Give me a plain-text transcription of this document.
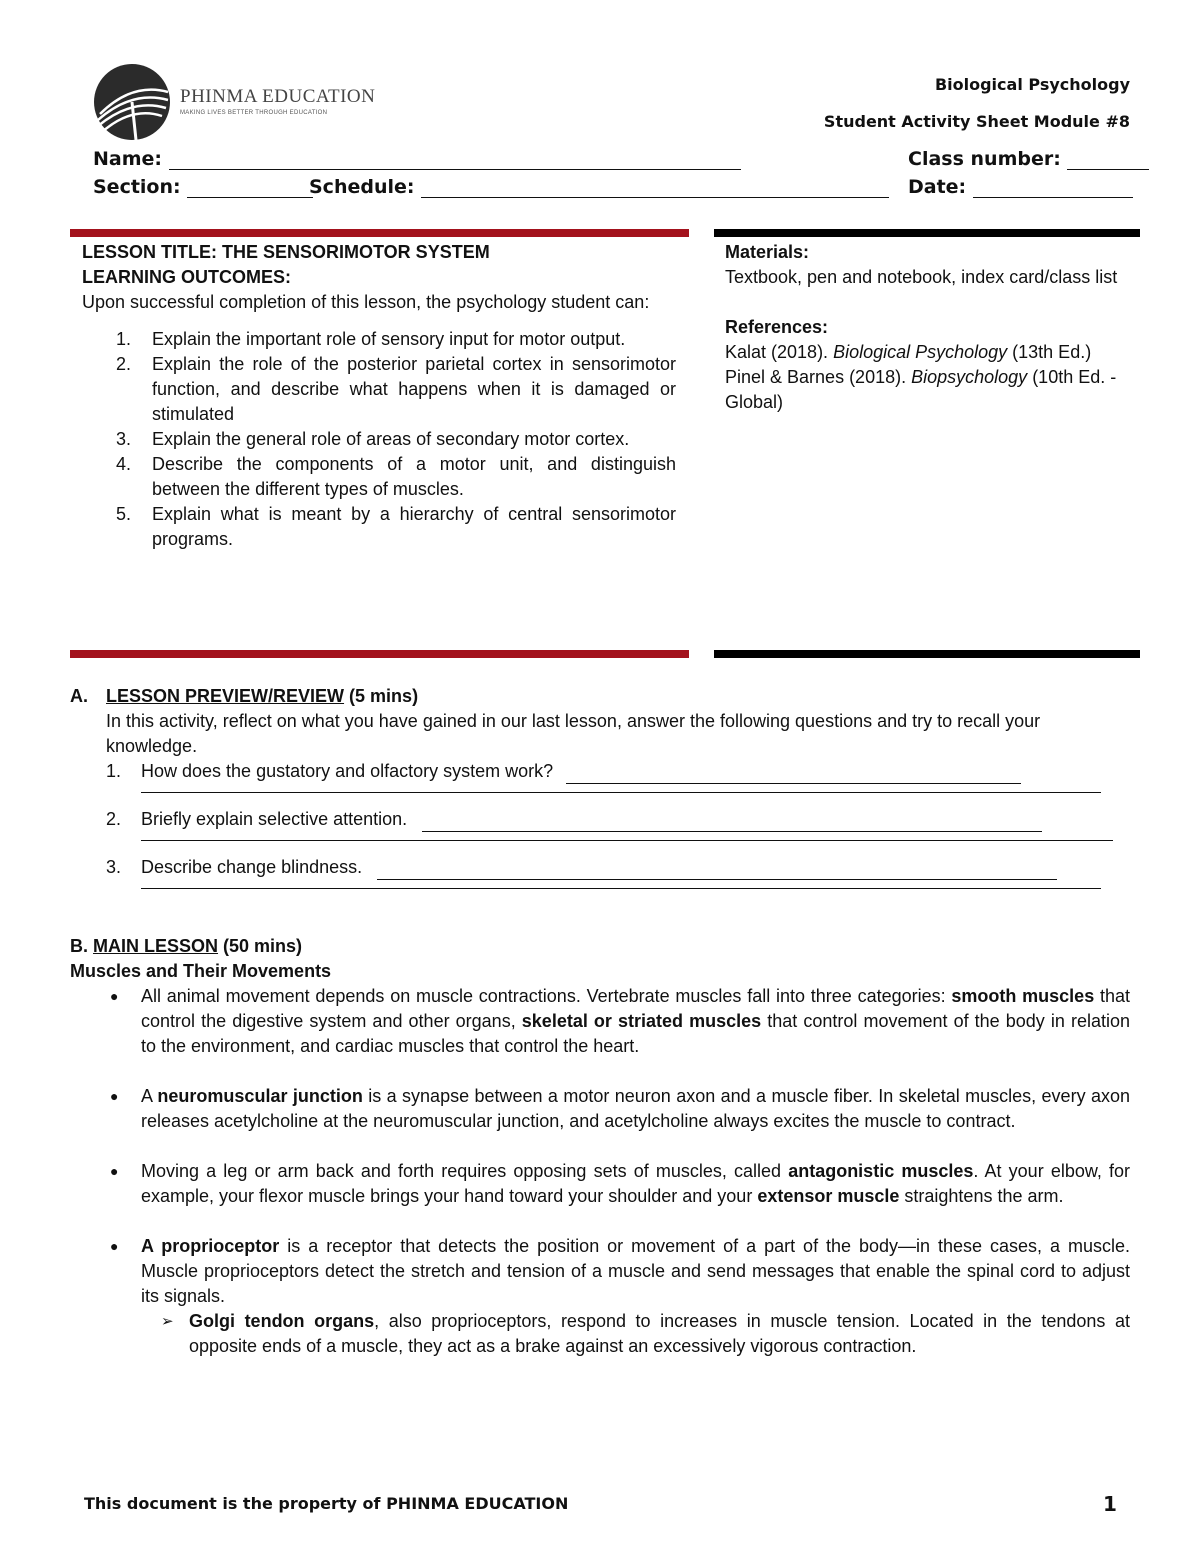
PHINMA EDUCATION
MAKING LIVES BETTER THROUGH EDUCATION
Biological Psychology
Student Activity Sheet Module #8
Name:	Class number:
Section:	Schedule:	Date:
LESSON TITLE: THE SENSORIMOTOR SYSTEM
LEARNING OUTCOMES:
Upon successful completion of this lesson, the psychology student can:
1. Explain the important role of sensory input for motor output.
2. Explain the role of the posterior parietal cortex in sensorimotor function, and describe what happens when it is damaged or stimulated
3. Explain the general role of areas of secondary motor cortex.
4. Describe the components of a motor unit, and distinguish between the different types of muscles.
5. Explain what is meant by a hierarchy of central sensorimotor programs.
Materials:
Textbook, pen and notebook, index card/class list
References:
Kalat (2018). Biological Psychology (13th Ed.)
Pinel & Barnes (2018). Biopsychology (10th Ed. - Global)
A. LESSON PREVIEW/REVIEW (5 mins)
In this activity, reflect on what you have gained in our last lesson, answer the following questions and try to recall your knowledge.
1. How does the gustatory and olfactory system work?
2. Briefly explain selective attention.
3. Describe change blindness.
B. MAIN LESSON (50 mins)
Muscles and Their Movements
● All animal movement depends on muscle contractions. Vertebrate muscles fall into three categories: smooth muscles that control the digestive system and other organs, skeletal or striated muscles that control movement of the body in relation to the environment, and cardiac muscles that control the heart.
● A neuromuscular junction is a synapse between a motor neuron axon and a muscle fiber. In skeletal muscles, every axon releases acetylcholine at the neuromuscular junction, and acetylcholine always excites the muscle to contract.
● Moving a leg or arm back and forth requires opposing sets of muscles, called antagonistic muscles. At your elbow, for example, your flexor muscle brings your hand toward your shoulder and your extensor muscle straightens the arm.
● A proprioceptor is a receptor that detects the position or movement of a part of the body—in these cases, a muscle. Muscle proprioceptors detect the stretch and tension of a muscle and send messages that enable the spinal cord to adjust its signals.
➢ Golgi tendon organs, also proprioceptors, respond to increases in muscle tension. Located in the tendons at opposite ends of a muscle, they act as a brake against an excessively vigorous contraction.
This document is the property of PHINMA EDUCATION	1
